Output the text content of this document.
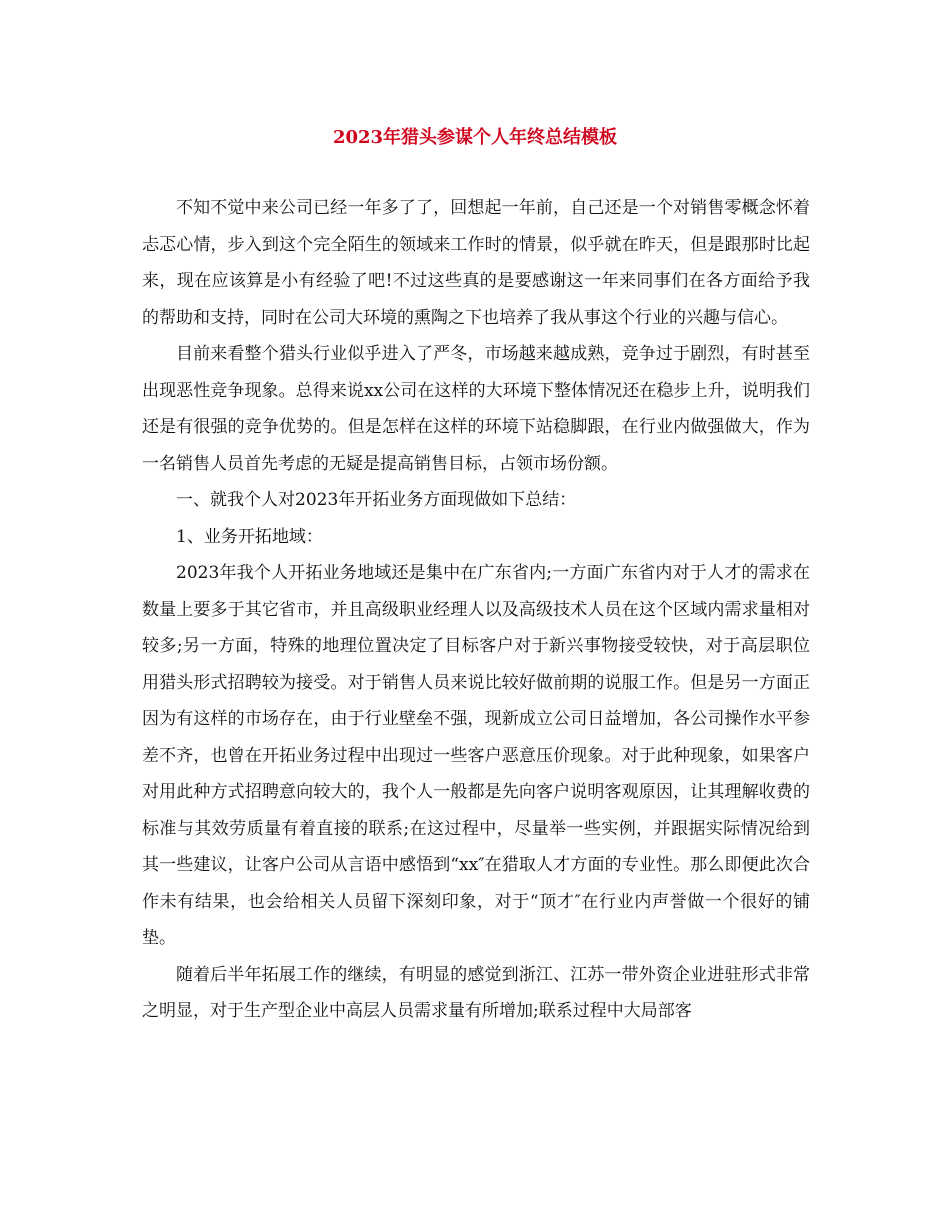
2023年猎头参谋个人年终总结模板

不知不觉中来公司已经一年多了了，回想起一年前，自己还是一个对销售零概念怀着忐忑心情，步入到这个完全陌生的领域来工作时的情景，似乎就在昨天，但是跟那时比起来，现在应该算是小有经验了吧!不过这些真的是要感谢这一年来同事们在各方面给予我的帮助和支持，同时在公司大环境的熏陶之下也培养了我从事这个行业的兴趣与信心。

目前来看整个猎头行业似乎进入了严冬，市场越来越成熟，竞争过于剧烈，有时甚至出现恶性竞争现象。总得来说xx公司在这样的大环境下整体情况还在稳步上升，说明我们还是有很强的竞争优势的。但是怎样在这样的环境下站稳脚跟，在行业内做强做大，作为一名销售人员首先考虑的无疑是提高销售目标，占领市场份额。

一、就我个人对2023年开拓业务方面现做如下总结：

1、业务开拓地域：

2023年我个人开拓业务地域还是集中在广东省内;一方面广东省内对于人才的需求在数量上要多于其它省市，并且高级职业经理人以及高级技术人员在这个区域内需求量相对较多;另一方面，特殊的地理位置决定了目标客户对于新兴事物接受较快，对于高层职位用猎头形式招聘较为接受。对于销售人员来说比较好做前期的说服工作。但是另一方面正因为有这样的市场存在，由于行业壁垒不强，现新成立公司日益增加，各公司操作水平参差不齐，也曾在开拓业务过程中出现过一些客户恶意压价现象。对于此种现象，如果客户对用此种方式招聘意向较大的，我个人一般都是先向客户说明客观原因，让其理解收费的标准与其效劳质量有着直接的联系;在这过程中，尽量举一些实例，并跟据实际情况给到其一些建议，让客户公司从言语中感悟到“xx″在猎取人才方面的专业性。那么即便此次合作未有结果，也会给相关人员留下深刻印象，对于“顶才″在行业内声誉做一个很好的铺垫。

随着后半年拓展工作的继续，有明显的感觉到浙江、江苏一带外资企业进驻形式非常之明显，对于生产型企业中高层人员需求量有所增加;联系过程中大局部客
